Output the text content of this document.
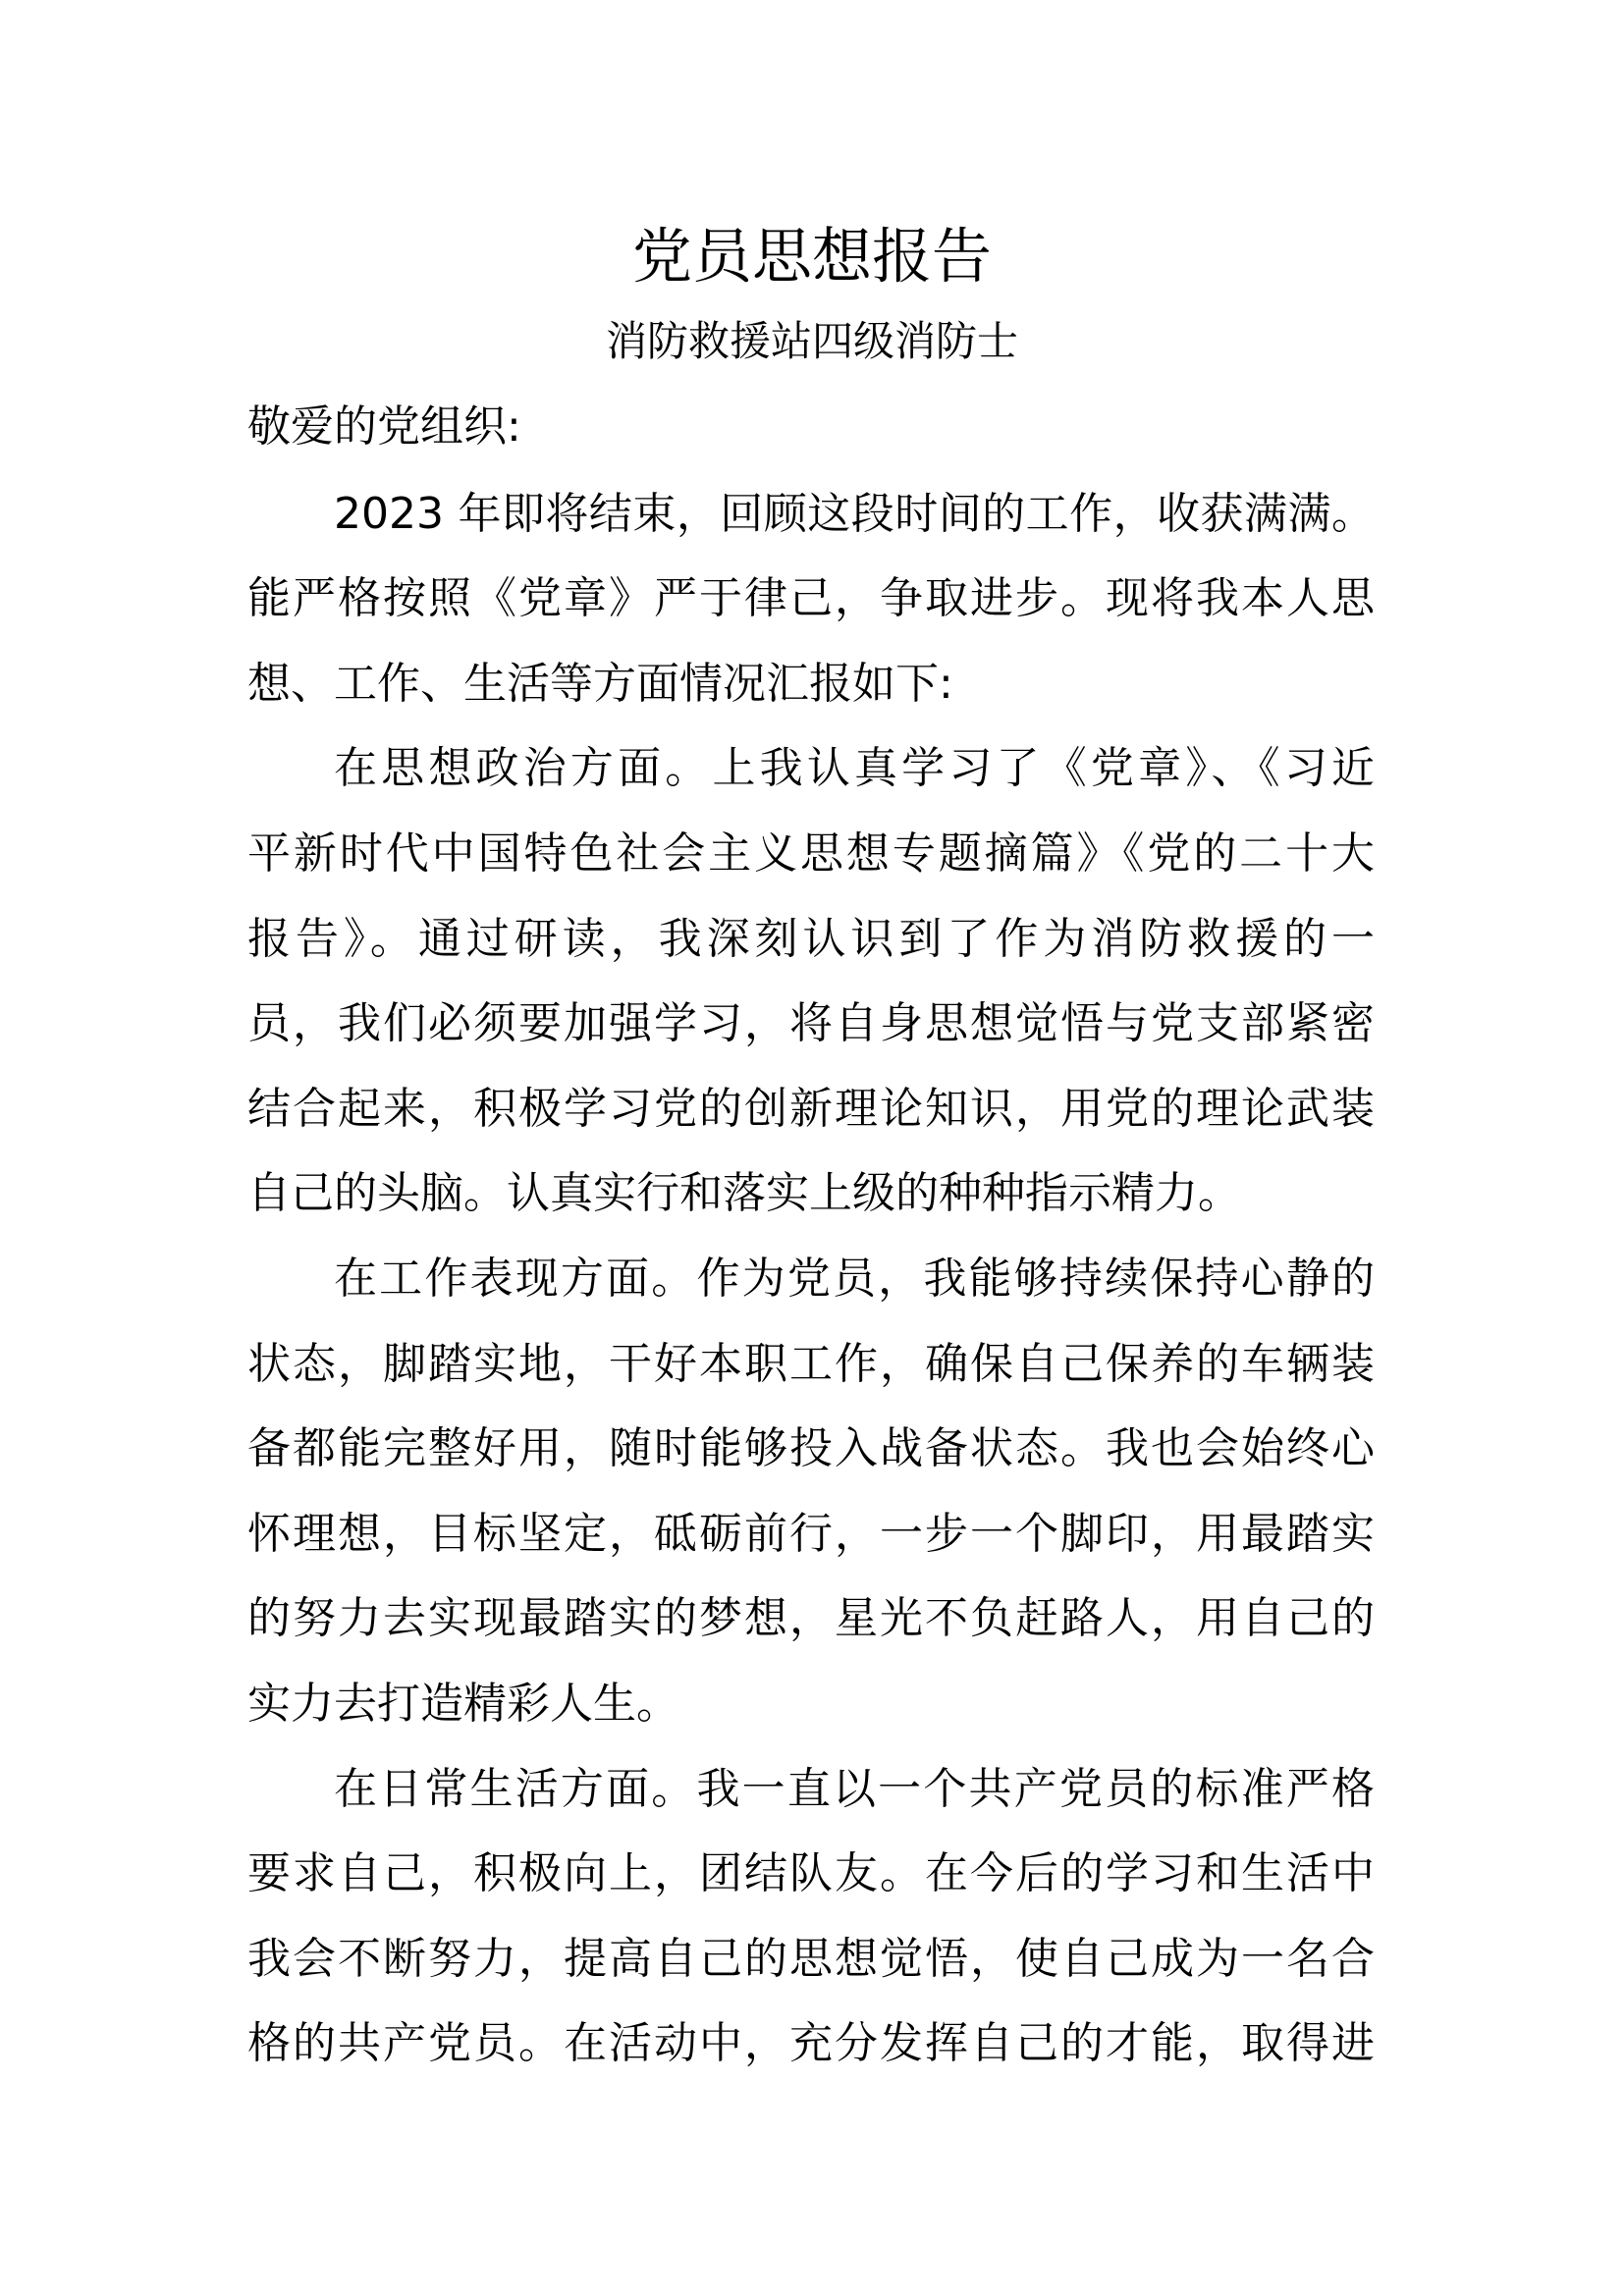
党员思想报告
消防救援站四级消防士
敬爱的党组织:
2023 年即将结束，回顾这段时间的工作，收获满满。
能严格按照《党章》严于律己，争取进步。现将我本人思
想、工作、生活等方面情况汇报如下:
在思想政治方面。上我认真学习了《党章》、《习近
平新时代中国特色社会主义思想专题摘篇》《党的二十大
报告》。通过研读，我深刻认识到了作为消防救援的一
员，我们必须要加强学习，将自身思想觉悟与党支部紧密
结合起来，积极学习党的创新理论知识，用党的理论武装
自己的头脑。认真实行和落实上级的种种指示精力。
在工作表现方面。作为党员，我能够持续保持心静的
状态，脚踏实地，干好本职工作，确保自己保养的车辆装
备都能完整好用，随时能够投入战备状态。我也会始终心
怀理想，目标坚定，砥砺前行，一步一个脚印，用最踏实
的努力去实现最踏实的梦想，星光不负赶路人，用自己的
实力去打造精彩人生。
在日常生活方面。我一直以一个共产党员的标准严格
要求自己，积极向上，团结队友。在今后的学习和生活中
我会不断努力，提高自己的思想觉悟，使自己成为一名合
格的共产党员。在活动中，充分发挥自己的才能，取得进
